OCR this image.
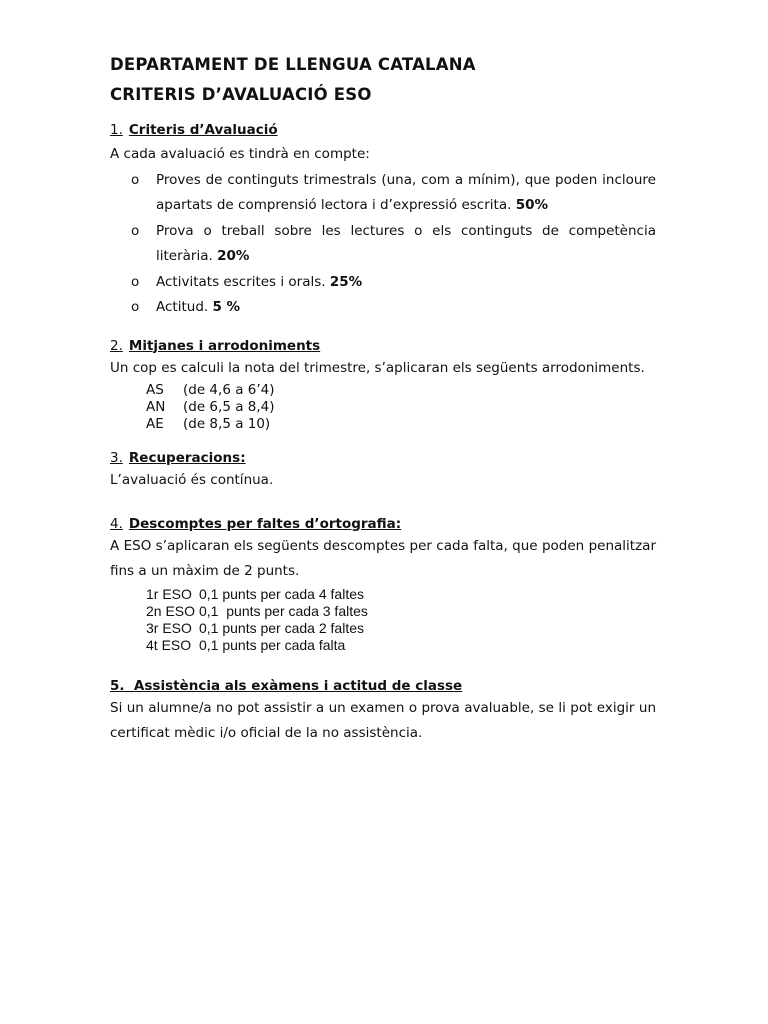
DEPARTAMENT DE LLENGUA CATALANA

CRITERIS D’AVALUACIÓ ESO

1. Criteris d’Avaluació

A cada avaluació es tindrà en compte:

o Proves de continguts trimestrals (una, com a mínim), que poden incloure apartats de comprensió lectora i d’expressió escrita. 50%
o Prova o treball sobre les lectures o els continguts de competència literària. 20%
o Activitats escrites i orals. 25%
o Actitud. 5 %

2. Mitjanes i arrodoniments

Un cop es calculi la nota del trimestre, s’aplicaran els següents arrodoniments.

AS	(de 4,6 a 6’4)
AN	(de 6,5 a 8,4)
AE	(de 8,5 a 10)

3. Recuperacions:

L’avaluació és contínua.

4. Descomptes per faltes d’ortografia:

A ESO s’aplicaran els següents descomptes per cada falta, que poden penalitzar fins a un màxim de 2 punts.

1r ESO 0,1 punts per cada 4 faltes
2n ESO 0,1  punts per cada 3 faltes
3r ESO 0,1 punts per cada 2 faltes
4t ESO 0,1 punts per cada falta

5.  Assistència als exàmens i actitud de classe

Si un alumne/a no pot assistir a un examen o prova avaluable, se li pot exigir un certificat mèdic i/o oficial de la no assistència.
